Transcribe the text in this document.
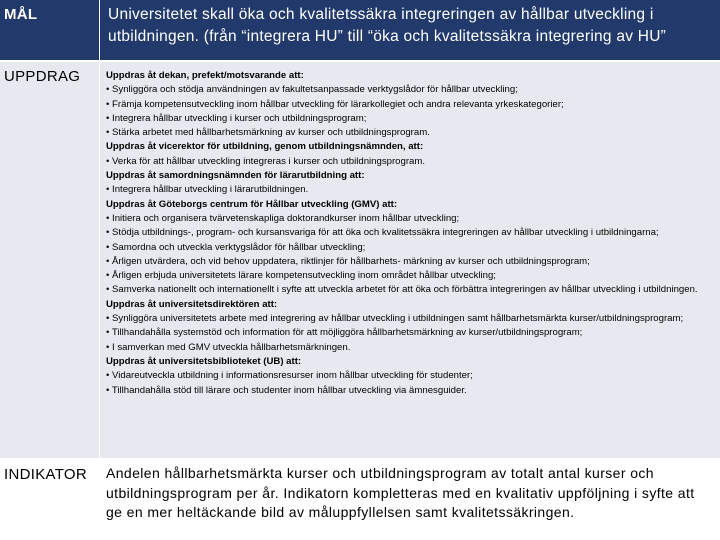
MÅL	Universitetet skall öka och kvalitetssäkra integreringen av hållbar utveckling i utbildningen. (från “integrera HU” till “öka och kvalitetssäkra integrering av HU”
UPPDRAG	Uppdras åt dekan, prefekt/motsvarande att:
• Synliggöra och stödja användningen av fakultetsanpassade verktygslådor för hållbar utveckling;
• Främja kompetensutveckling inom hållbar utveckling för lärarkollegiet och andra relevanta yrkeskategorier;
• Integrera hållbar utveckling i kurser och utbildningsprogram;
• Stärka arbetet med hållbarhetsmärkning av kurser och utbildningsprogram.
Uppdras åt vicerektor för utbildning, genom utbildningsnämnden, att:
• Verka för att hållbar utveckling integreras i kurser och utbildningsprogram.
Uppdras åt samordningsnämnden för lärarutbildning att:
• Integrera hållbar utveckling i lärarutbildningen.
Uppdras åt Göteborgs centrum för Hållbar utveckling (GMV) att:
• Initiera och organisera tvärvetenskapliga doktorandkurser inom hållbar utveckling;
• Stödja utbildnings-, program- och kursansvariga för att öka och kvalitetssäkra integreringen av hållbar utveckling i utbildningarna;
• Samordna och utveckla verktygslådor för hållbar utveckling;
• Årligen utvärdera, och vid behov uppdatera, riktlinjer för hållbarhets- märkning av kurser och utbildningsprogram;
• Årligen erbjuda universitetets lärare kompetensutveckling inom området hållbar utveckling;
• Samverka nationellt och internationellt i syfte att utveckla arbetet för att öka och förbättra integreringen av hållbar utveckling i utbildningen.
Uppdras åt universitetsdirektören att:
• Synliggöra universitetets arbete med integrering av hållbar utveckling i utbildningen samt hållbarhetsmärkta kurser/utbildningsprogram;
• Tillhandahålla systemstöd och information för att möjliggöra hållbarhetsmärkning av kurser/utbildningsprogram;
• I samverkan med GMV utveckla hållbarhetsmärkningen.
Uppdras åt universitetsbiblioteket (UB) att:
• Vidareutveckla utbildning i informationsresurser inom hållbar utveckling för studenter;
• Tillhandahålla stöd till lärare och studenter inom hållbar utveckling via ämnesguider.
INDIKATOR	Andelen hållbarhetsmärkta kurser och utbildningsprogram av totalt antal kurser och utbildningsprogram per år. Indikatorn kompletteras med en kvalitativ uppföljning i syfte att ge en mer heltäckande bild av måluppfyllelsen samt kvalitetssäkringen.
